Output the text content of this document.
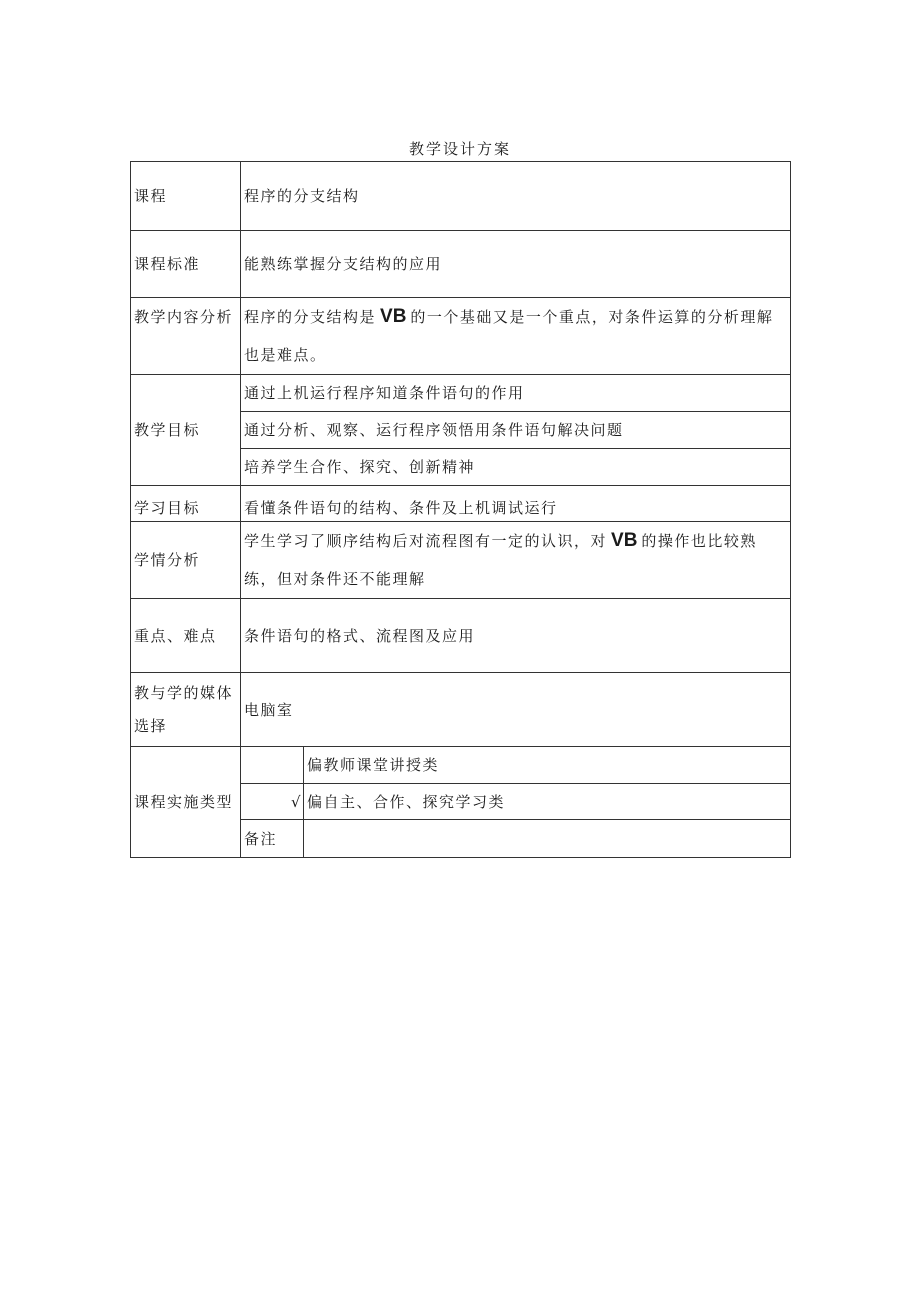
教学设计方案
课程	程序的分支结构	
课程标准	能熟练掌握分支结构的应用	
教学内容分析	程序的分支结构是 VB 的一个基础又是一个重点，对条件运算的分析理解也是难点。	
教学目标	通过上机运行程序知道条件语句的作用	
	通过分析、观察、运行程序领悟用条件语句解决问题	
	培养学生合作、探究、创新精神	
学习目标	看懂条件语句的结构、条件及上机调试运行	
学情分析	学生学习了顺序结构后对流程图有一定的认识，对 VB 的操作也比较熟练，但对条件还不能理解	
重点、难点	条件语句的格式、流程图及应用	
教与学的媒体选择	电脑室	
课程实施类型		偏教师课堂讲授类
	√	偏自主、合作、探究学习类
	备注	
